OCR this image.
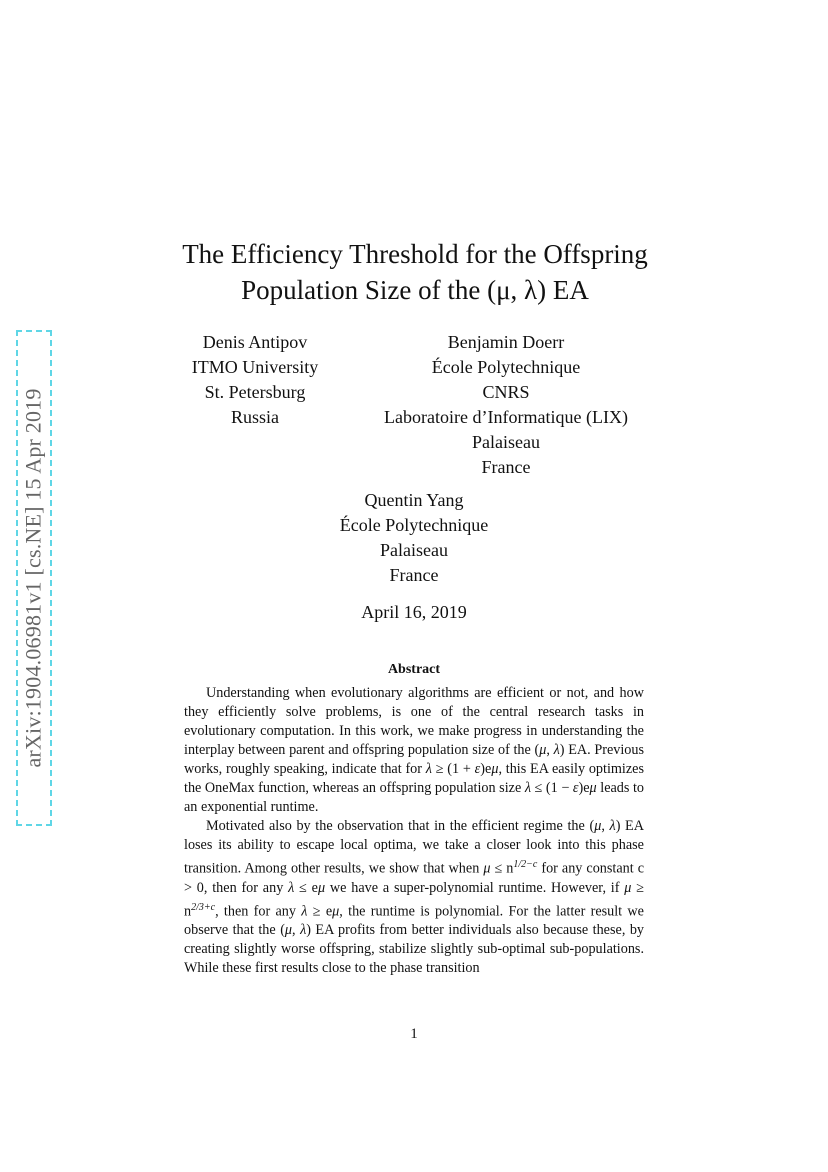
arXiv:1904.06981v1 [cs.NE] 15 Apr 2019
The Efficiency Threshold for the Offspring
Population Size of the (μ, λ) EA
Denis Antipov
ITMO University
St. Petersburg
Russia
Benjamin Doerr
École Polytechnique
CNRS
Laboratoire d’Informatique (LIX)
Palaiseau
France
Quentin Yang
École Polytechnique
Palaiseau
France
April 16, 2019
Abstract

Understanding when evolutionary algorithms are efficient or not, and how they efficiently solve problems, is one of the central research tasks in evolutionary computation. In this work, we make progress in understanding the interplay between parent and offspring population size of the (μ, λ) EA. Previous works, roughly speaking, indicate that for λ ≥ (1 + ε)eμ, this EA easily optimizes the OneMax function, whereas an offspring population size λ ≤ (1 − ε)eμ leads to an exponential runtime.

Motivated also by the observation that in the efficient regime the (μ, λ) EA loses its ability to escape local optima, we take a closer look into this phase transition. Among other results, we show that when $\mu \le n^{1/2-c}$ for any constant c > 0, then for any λ ≤ eμ we have a super-polynomial runtime. However, if $\mu \ge n^{2/3+c}$, then for any λ ≥ eμ, the runtime is polynomial. For the latter result we observe that the (μ, λ) EA profits from better individuals also because these, by creating slightly worse offspring, stabilize slightly sub-optimal sub-populations. While these first results close to the phase transition

1
